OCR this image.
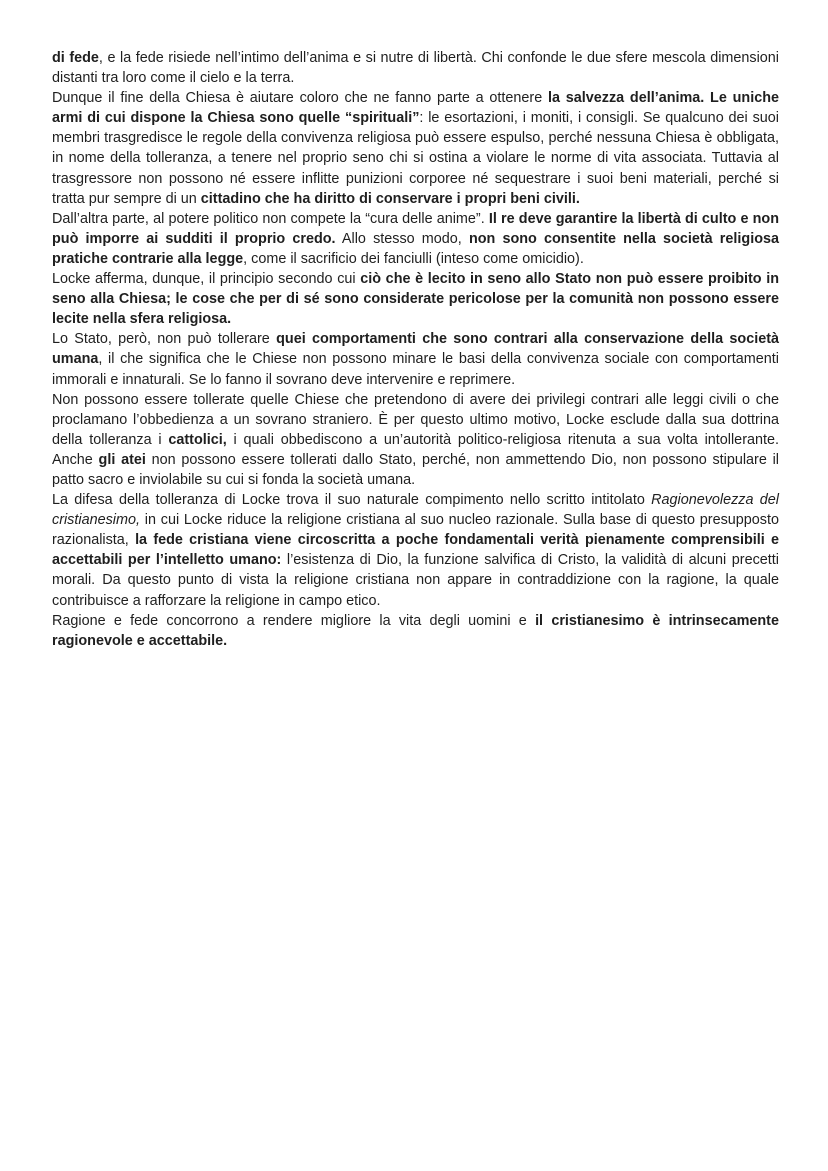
di fede, e la fede risiede nell’intimo dell’anima e si nutre di libertà. Chi confonde le due sfere mescola dimensioni distanti tra loro come il cielo e la terra.

Dunque il fine della Chiesa è aiutare coloro che ne fanno parte a ottenere la salvezza dell’anima. Le uniche armi di cui dispone la Chiesa sono quelle “spirituali”: le esortazioni, i moniti, i consigli. Se qualcuno dei suoi membri trasgredisce le regole della convivenza religiosa può essere espulso, perché nessuna Chiesa è obbligata, in nome della tolleranza, a tenere nel proprio seno chi si ostina a violare le norme di vita associata. Tuttavia al trasgressore non possono né essere inflitte punizioni corporee né sequestrare i suoi beni materiali, perché si tratta pur sempre di un cittadino che ha diritto di conservare i propri beni civili.

Dall’altra parte, al potere politico non compete la “cura delle anime”. Il re deve garantire la libertà di culto e non può imporre ai sudditi il proprio credo. Allo stesso modo, non sono consentite nella società religiosa pratiche contrarie alla legge, come il sacrificio dei fanciulli (inteso come omicidio).

Locke afferma, dunque, il principio secondo cui ciò che è lecito in seno allo Stato non può essere proibito in seno alla Chiesa; le cose che per di sé sono considerate pericolose per la comunità non possono essere lecite nella sfera religiosa.

Lo Stato, però, non può tollerare quei comportamenti che sono contrari alla conservazione della società umana, il che significa che le Chiese non possono minare le basi della convivenza sociale con comportamenti immorali e innaturali. Se lo fanno il sovrano deve intervenire e reprimere.

Non possono essere tollerate quelle Chiese che pretendono di avere dei privilegi contrari alle leggi civili o che proclamano l’obbedienza a un sovrano straniero. È per questo ultimo motivo, Locke esclude dalla sua dottrina della tolleranza i cattolici, i quali obbediscono a un’autorità politico-religiosa ritenuta a sua volta intollerante. Anche gli atei non possono essere tollerati dallo Stato, perché, non ammettendo Dio, non possono stipulare il patto sacro e inviolabile su cui si fonda la società umana.

La difesa della tolleranza di Locke trova il suo naturale compimento nello scritto intitolato Ragionevolezza del cristianesimo, in cui Locke riduce la religione cristiana al suo nucleo razionale. Sulla base di questo presupposto razionalista, la fede cristiana viene circoscritta a poche fondamentali verità pienamente comprensibili e accettabili per l’intelletto umano: l’esistenza di Dio, la funzione salvifica di Cristo, la validità di alcuni precetti morali. Da questo punto di vista la religione cristiana non appare in contraddizione con la ragione, la quale contribuisce a rafforzare la religione in campo etico.

Ragione e fede concorrono a rendere migliore la vita degli uomini e il cristianesimo è intrinsecamente ragionevole e accettabile.
